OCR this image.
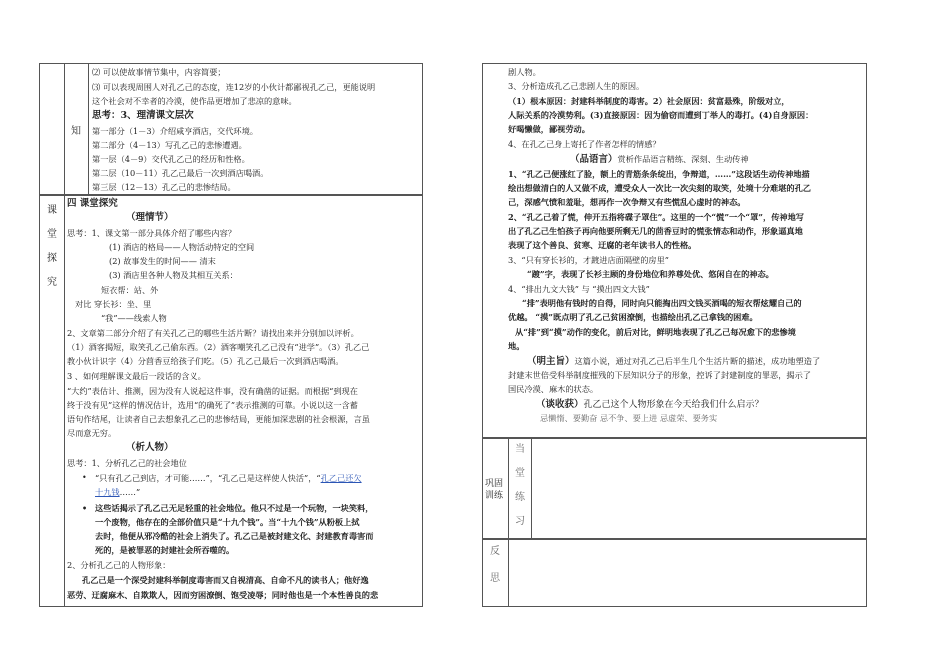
知
⑵ 可以使故事情节集中，内容简要；
⑶ 可以表现周围人对孔乙己的态度，连12岁的小伙计都鄙视孔乙己，更能说明
这个社会对不幸者的冷漠，使作品更增加了悲凉的意味。
思考：3、理清课文层次
第一部分（1－3）介绍咸亨酒店，交代环境。
第二部分（4－13）写孔乙己的悲惨遭遇。
第一层（4－9）交代孔乙己的经历和性格。
第二层（10－11）孔乙己最后一次到酒店喝酒。
第三层（12－13）孔乙己的悲惨结局。
课
堂
探
究
四 课堂探究
（理情节）
思考：1、课文第一部分具体介绍了哪些内容？
(1) 酒店的格局——人物活动特定的空间
(2) 故事发生的时间—— 清末
(3) 酒店里各种人物及其相互关系：
短衣帮：站、外
对比 穿长衫：坐、里
“我”——线索人物
2、文章第二部分介绍了有关孔乙己的哪些生活片断？请找出来并分别加以评析。
（1）酒客揭短，取笑孔乙己偷东西。（2）酒客嘲笑孔乙己没有“进学”。（3）孔乙己
教小伙计识字（4）分茴香豆给孩子们吃。（5）孔乙己最后一次到酒店喝酒。
3 、如何理解课文最后一段话的含义。
“大约”表估计、推测，因为没有人说起这件事，没有确凿的证据。而根据“到现在
终于没有见”这样的情况估计，选用“的确死了”表示推测的可靠。小说以这一含蓄
语句作结尾，让读者自己去想象孔乙己的悲惨结局，更能加深悲剧的社会根源，言虽
尽而意无穷。
（析人物）
思考：1、分析孔乙己的社会地位
• “只有孔乙己到店，才可能……”，“孔乙己是这样使人快活”，“孔乙己还欠
十九钱……”
• 这些话揭示了孔乙己无足轻重的社会地位。他只不过是一个玩物，一块笑料，
一个废物，他存在的全部价值只是“十九个钱”。当“十九个钱”从粉板上拭
去时，他便从邪冷酷的社会上消失了。孔乙己是被封建文化、封建教育毒害而
死的，是被罪恶的封建社会所吞噬的。
2、分析孔乙己的人物形象：
孔乙己是一个深受封建科举制度毒害而又自视清高、自命不凡的读书人；他好逸
恶劳、迂腐麻木、自欺欺人，因而穷困潦倒、饱受凌辱；同时他也是一个本性善良的悲
剧人物。
3、分析造成孔乙己悲剧人生的原因。
（1）根本原因：封建科举制度的毒害。2）社会原因：贫富悬殊，阶级对立，
人际关系的冷漠势利。(3)直接原因：因为偷窃而遭到丁举人的毒打。(4)自身原因：
好喝懒做，鄙视劳动。
4、在孔乙己身上寄托了作者怎样的情感？
（品语言）赏析作品语言精练、深刻、生动传神
1、“孔乙己便涨红了脸，额上的青筋条条绽出，争辩道，……”这段话生动传神地描
绘出想做清白的人又做不成，遭受众人一次比一次尖刻的取笑，处境十分难堪的孔乙
己，深感气愤和羞耻，想再作一次争辩又有些慌乱心虚时的神态。
2、“孔乙己着了慌，伸开五指将碟子罩住”。这里的一个“慌”一个“罩”，传神地写
出了孔乙己生怕孩子再向他要所剩无几的茴香豆时的慌张情态和动作，形象逼真地
表现了这个善良、贫寒、迂腐的老年读书人的性格。
3、“只有穿长衫的，才踱进店面隔壁的房里”
“踱”字，表现了长衫主顾的身份地位和养尊处优、悠闲自在的神态。
4、“排出九文大钱” 与 “摸出四文大钱”
“排”表明他有钱时的自得，同时向只能掏出四文钱买酒喝的短衣帮炫耀自己的
优越。 “摸”既点明了孔乙己贫困潦倒，也描绘出孔乙己拿钱的困难。
从“排”到“摸”动作的变化，前后对比，鲜明地表现了孔乙己每况愈下的悲惨境
地。
（明主旨）这篇小说，通过对孔乙己后半生几个生活片断的描述，成功地塑造了
封建末世倍受科举制度摧残的下层知识分子的形象，控诉了封建制度的罪恶，揭示了
国民冷漠、麻木的状态。
（谈收获）孔乙己这个人物形象在今天给我们什么启示？
忌懒惰、要勤奋 忌不争、要上进 忌虚荣、要务实
巩固训练
当
堂
练
习
反
思
